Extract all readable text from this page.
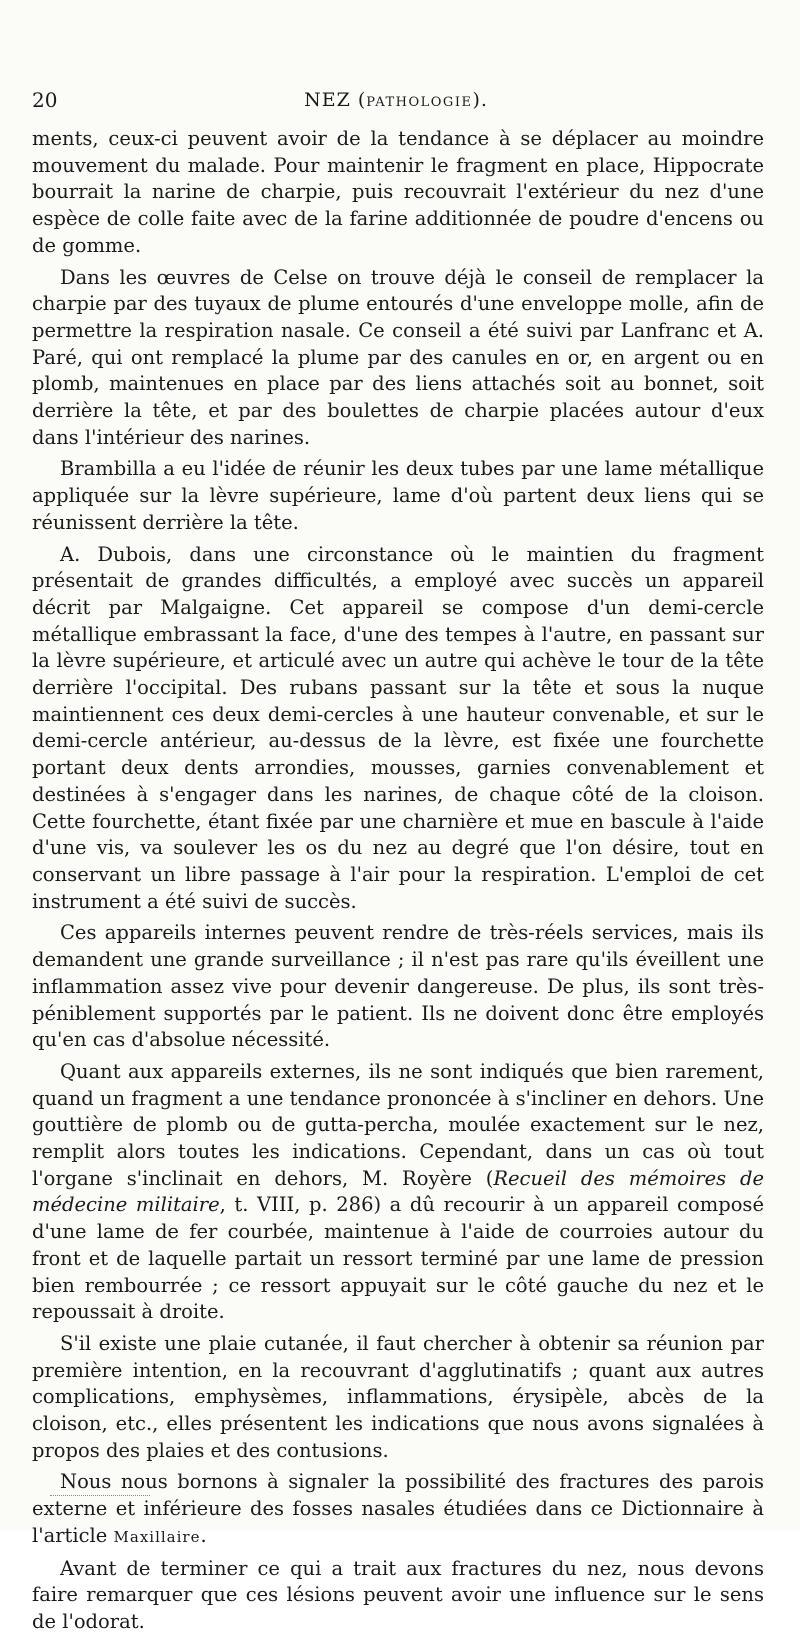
20	NEZ (PATHOLOGIE).

ments, ceux-ci peuvent avoir de la tendance à se déplacer au moindre mouvement du malade. Pour maintenir le fragment en place, Hippocrate bourrait la narine de charpie, puis recouvrait l'extérieur du nez d'une espèce de colle faite avec de la farine additionnée de poudre d'encens ou de gomme.

Dans les œuvres de Celse on trouve déjà le conseil de remplacer la charpie par des tuyaux de plume entourés d'une enveloppe molle, afin de permettre la respiration nasale. Ce conseil a été suivi par Lanfranc et A. Paré, qui ont remplacé la plume par des canules en or, en argent ou en plomb, maintenues en place par des liens attachés soit au bonnet, soit derrière la tête, et par des boulettes de charpie placées autour d'eux dans l'intérieur des narines.

Brambilla a eu l'idée de réunir les deux tubes par une lame métallique appliquée sur la lèvre supérieure, lame d'où partent deux liens qui se réunissent derrière la tête.

A. Dubois, dans une circonstance où le maintien du fragment présentait de grandes difficultés, a employé avec succès un appareil décrit par Malgaigne. Cet appareil se compose d'un demi-cercle métallique embrassant la face, d'une des tempes à l'autre, en passant sur la lèvre supérieure, et articulé avec un autre qui achève le tour de la tête derrière l'occipital. Des rubans passant sur la tête et sous la nuque maintiennent ces deux demi-cercles à une hauteur convenable, et sur le demi-cercle antérieur, au-dessus de la lèvre, est fixée une fourchette portant deux dents arrondies, mousses, garnies convenablement et destinées à s'engager dans les narines, de chaque côté de la cloison. Cette fourchette, étant fixée par une charnière et mue en bascule à l'aide d'une vis, va soulever les os du nez au degré que l'on désire, tout en conservant un libre passage à l'air pour la respiration. L'emploi de cet instrument a été suivi de succès.

Ces appareils internes peuvent rendre de très-réels services, mais ils demandent une grande surveillance ; il n'est pas rare qu'ils éveillent une inflammation assez vive pour devenir dangereuse. De plus, ils sont très-péniblement supportés par le patient. Ils ne doivent donc être employés qu'en cas d'absolue nécessité.

Quant aux appareils externes, ils ne sont indiqués que bien rarement, quand un fragment a une tendance prononcée à s'incliner en dehors. Une gouttière de plomb ou de gutta-percha, moulée exactement sur le nez, remplit alors toutes les indications. Cependant, dans un cas où tout l'organe s'inclinait en dehors, M. Royère (Recueil des mémoires de médecine militaire, t. VIII, p. 286) a dû recourir à un appareil composé d'une lame de fer courbée, maintenue à l'aide de courroies autour du front et de laquelle partait un ressort terminé par une lame de pression bien rembourrée ; ce ressort appuyait sur le côté gauche du nez et le repoussait à droite.

S'il existe une plaie cutanée, il faut chercher à obtenir sa réunion par première intention, en la recouvrant d'agglutinatifs ; quant aux autres complications, emphysèmes, inflammations, érysipèle, abcès de la cloison, etc., elles présentent les indications que nous avons signalées à propos des plaies et des contusions.

Nous nous bornons à signaler la possibilité des fractures des parois externe et inférieure des fosses nasales étudiées dans ce Dictionnaire à l'article Maxillaire.

Avant de terminer ce qui a trait aux fractures du nez, nous devons faire remarquer que ces lésions peuvent avoir une influence sur le sens de l'odorat.
